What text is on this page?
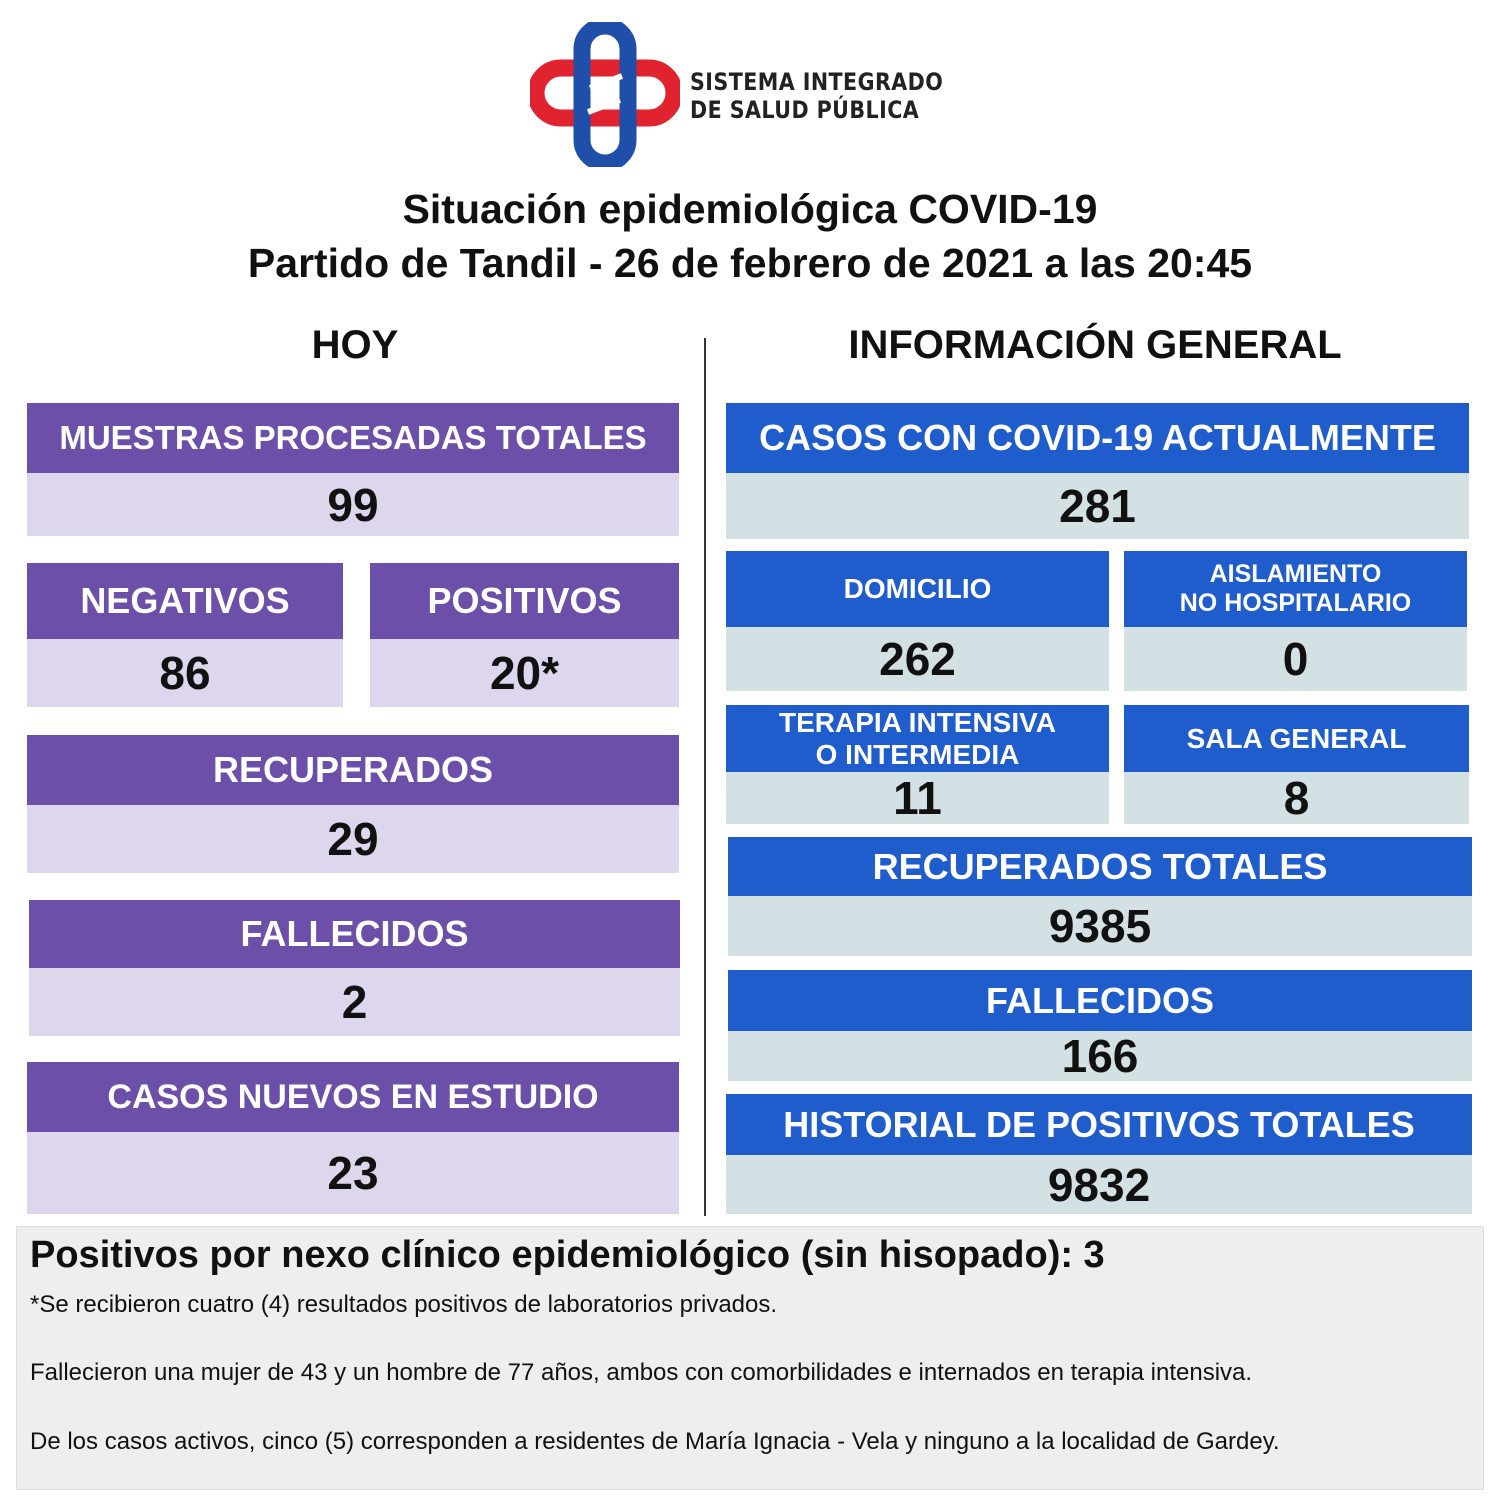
SISTEMA INTEGRADO
DE SALUD PÚBLICA
Situación epidemiológica COVID-19
Partido de Tandil - 26 de febrero de 2021 a las 20:45
HOY	INFORMACIÓN GENERAL
MUESTRAS PROCESADAS TOTALES
99
NEGATIVOS
86
POSITIVOS
20*
RECUPERADOS
29
FALLECIDOS
2
CASOS NUEVOS EN ESTUDIO
23
CASOS CON COVID-19 ACTUALMENTE
281
DOMICILIO
262
AISLAMIENTO
NO HOSPITALARIO
0
TERAPIA INTENSIVA
O INTERMEDIA
11
SALA GENERAL
8
RECUPERADOS TOTALES
9385
FALLECIDOS
166
HISTORIAL DE POSITIVOS TOTALES
9832
Positivos por nexo clínico epidemiológico (sin hisopado): 3
*Se recibieron cuatro (4) resultados positivos de laboratorios privados.
Fallecieron una mujer de 43 y un hombre de 77 años, ambos con comorbilidades e internados en terapia intensiva.
De los casos activos, cinco (5) corresponden a residentes de María Ignacia - Vela y ninguno a la localidad de Gardey.
